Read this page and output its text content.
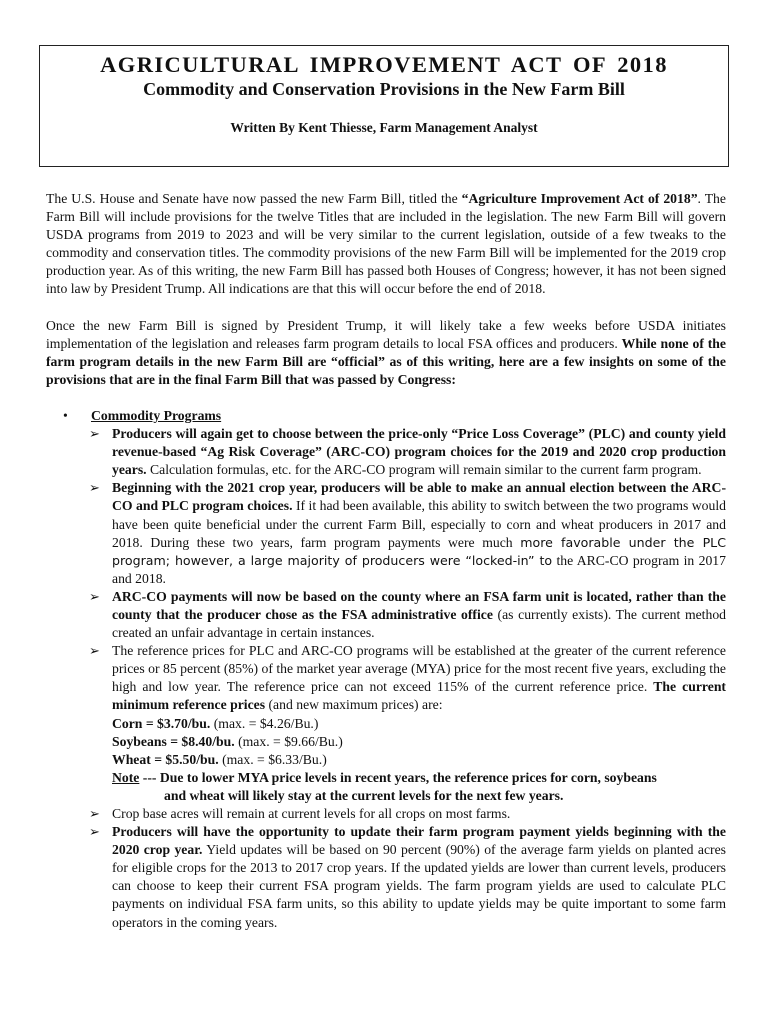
AGRICULTURAL IMPROVEMENT ACT OF 2018
Commodity and Conservation Provisions in the New Farm Bill
Written By Kent Thiesse, Farm Management Analyst

The U.S. House and Senate have now passed the new Farm Bill, titled the “Agriculture Improvement Act of 2018”. The Farm Bill will include provisions for the twelve Titles that are included in the legislation. The new Farm Bill will govern USDA programs from 2019 to 2023 and will be very similar to the current legislation, outside of a few tweaks to the commodity and conservation titles. The commodity provisions of the new Farm Bill will be implemented for the 2019 crop production year. As of this writing, the new Farm Bill has passed both Houses of Congress; however, it has not been signed into law by President Trump. All indications are that this will occur before the end of 2018.

Once the new Farm Bill is signed by President Trump, it will likely take a few weeks before USDA initiates implementation of the legislation and releases farm program details to local FSA offices and producers. While none of the farm program details in the new Farm Bill are “official” as of this writing, here are a few insights on some of the provisions that are in the final Farm Bill that was passed by Congress:

• Commodity Programs
➢ Producers will again get to choose between the price-only “Price Loss Coverage” (PLC) and county yield revenue-based “Ag Risk Coverage” (ARC-CO) program choices for the 2019 and 2020 crop production years. Calculation formulas, etc. for the ARC-CO program will remain similar to the current farm program.
➢ Beginning with the 2021 crop year, producers will be able to make an annual election between the ARC-CO and PLC program choices. If it had been available, this ability to switch between the two programs would have been quite beneficial under the current Farm Bill, especially to corn and wheat producers in 2017 and 2018. During these two years, farm program payments were much more favorable under the PLC program; however, a large majority of producers were “locked-in” to the ARC-CO program in 2017 and 2018.
➢ ARC-CO payments will now be based on the county where an FSA farm unit is located, rather than the county that the producer chose as the FSA administrative office (as currently exists). The current method created an unfair advantage in certain instances.
➢ The reference prices for PLC and ARC-CO programs will be established at the greater of the current reference prices or 85 percent (85%) of the market year average (MYA) price for the most recent five years, excluding the high and low year. The reference price can not exceed 115% of the current reference price. The current minimum reference prices (and new maximum prices) are:
Corn = $3.70/bu. (max. = $4.26/Bu.)
Soybeans = $8.40/bu. (max. = $9.66/Bu.)
Wheat = $5.50/bu. (max. = $6.33/Bu.)
Note --- Due to lower MYA price levels in recent years, the reference prices for corn, soybeans
and wheat will likely stay at the current levels for the next few years.
➢ Crop base acres will remain at current levels for all crops on most farms.
➢ Producers will have the opportunity to update their farm program payment yields beginning with the 2020 crop year. Yield updates will be based on 90 percent (90%) of the average farm yields on planted acres for eligible crops for the 2013 to 2017 crop years. If the updated yields are lower than current levels, producers can choose to keep their current FSA program yields. The farm program yields are used to calculate PLC payments on individual FSA farm units, so this ability to update yields may be quite important to some farm operators in the coming years.
